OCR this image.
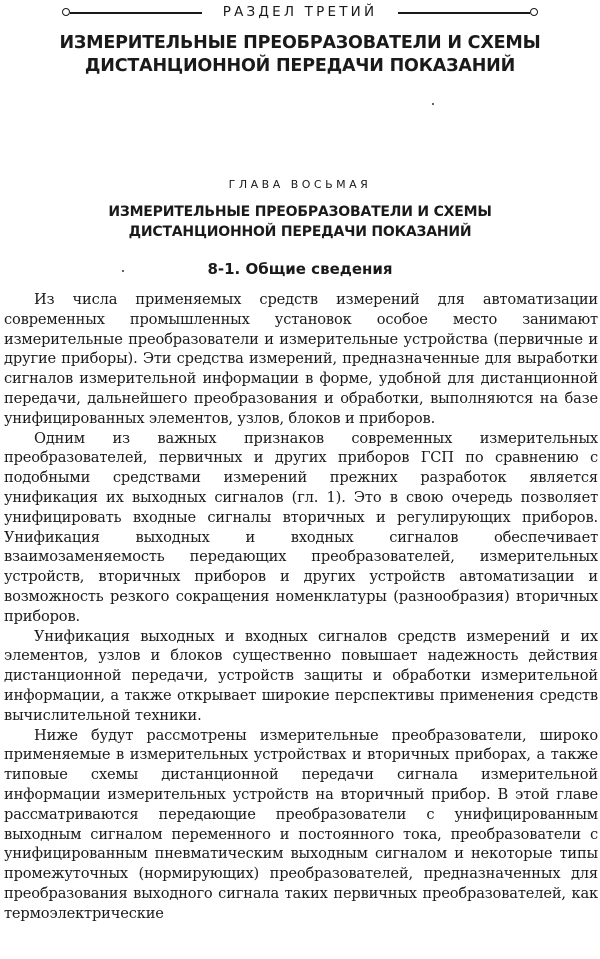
РАЗДЕЛ ТРЕТИЙ
ИЗМЕРИТЕЛЬНЫЕ ПРЕОБРАЗОВАТЕЛИ И СХЕМЫ
ДИСТАНЦИОННОЙ ПЕРЕДАЧИ ПОКАЗАНИЙ
ГЛАВА ВОСЬМАЯ
ИЗМЕРИТЕЛЬНЫЕ ПРЕОБРАЗОВАТЕЛИ И СХЕМЫ
ДИСТАНЦИОННОЙ ПЕРЕДАЧИ ПОКАЗАНИЙ
8-1. Общие сведения

Из числа применяемых средств измерений для автоматизации современных промышленных установок особое место занимают измерительные преобразователи и измерительные устройства (первичные и другие приборы). Эти средства измерений, предназначенные для выработки сигналов измерительной информации в форме, удобной для дистанционной передачи, дальнейшего преобразования и обработки, выполняются на базе унифицированных элементов, узлов, блоков и приборов.

Одним из важных признаков современных измерительных преобразователей, первичных и других приборов ГСП по сравнению с подобными средствами измерений прежних разработок является унификация их выходных сигналов (гл. 1). Это в свою очередь позволяет унифицировать входные сигналы вторичных и регулирующих приборов. Унификация выходных и входных сигналов обеспечивает взаимозаменяемость передающих преобразователей, измерительных устройств, вторичных приборов и других устройств автоматизации и возможность резкого сокращения номенклатуры (разнообразия) вторичных приборов.

Унификация выходных и входных сигналов средств измерений и их элементов, узлов и блоков существенно повышает надежность действия дистанционной передачи, устройств защиты и обработки измерительной информации, а также открывает широкие перспективы применения средств вычислительной техники.

Ниже будут рассмотрены измерительные преобразователи, широко применяемые в измерительных устройствах и вторичных приборах, а также типовые схемы дистанционной передачи сигнала измерительной информации измерительных устройств на вторичный прибор. В этой главе рассматриваются передающие преобразователи с унифицированным выходным сигналом переменного и постоянного тока, преобразователи с унифицированным пневматическим выходным сигналом и некоторые типы промежуточных (нормирующих) преобразователей, предназначенных для преобразования выходного сигнала таких первичных преобразователей, как термоэлектрические
